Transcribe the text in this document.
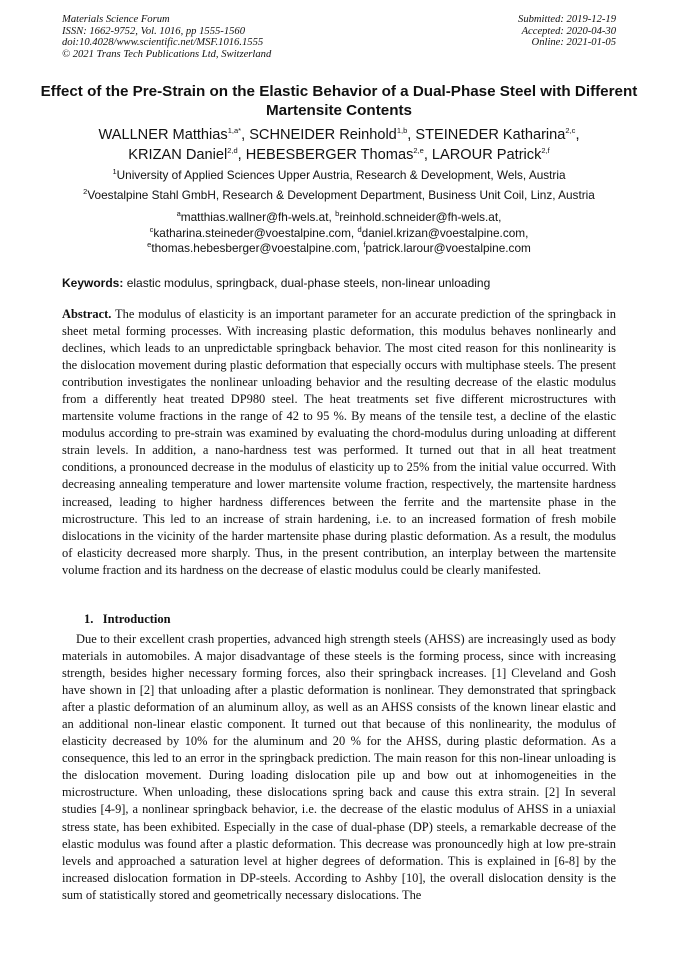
Materials Science Forum
ISSN: 1662-9752, Vol. 1016, pp 1555-1560
doi:10.4028/www.scientific.net/MSF.1016.1555
© 2021 Trans Tech Publications Ltd, Switzerland
Submitted: 2019-12-19
Accepted: 2020-04-30
Online: 2021-01-05
Effect of the Pre-Strain on the Elastic Behavior of a Dual-Phase Steel with Different Martensite Contents
WALLNER Matthias$^{1,a*}$, SCHNEIDER Reinhold$^{1,b}$, STEINEDER Katharina$^{2,c}$,
KRIZAN Daniel$^{2,d}$, HEBESBERGER Thomas$^{2,e}$, LAROUR Patrick$^{2,f}$
$^1$University of Applied Sciences Upper Austria, Research & Development, Wels, Austria
$^2$Voestalpine Stahl GmbH, Research & Development Department, Business Unit Coil, Linz, Austria
$^a$matthias.wallner@fh-wels.at, $^b$reinhold.schneider@fh-wels.at,
$^c$katharina.steineder@voestalpine.com, $^d$daniel.krizan@voestalpine.com,
$^e$thomas.hebesberger@voestalpine.com, $^f$patrick.larour@voestalpine.com
Keywords: elastic modulus, springback, dual-phase steels, non-linear unloading

Abstract. The modulus of elasticity is an important parameter for an accurate prediction of the springback in sheet metal forming processes. With increasing plastic deformation, this modulus behaves nonlinearly and declines, which leads to an unpredictable springback behavior. The most cited reason for this nonlinearity is the dislocation movement during plastic deformation that especially occurs with multiphase steels. The present contribution investigates the nonlinear unloading behavior and the resulting decrease of the elastic modulus from a differently heat treated DP980 steel. The heat treatments set five different microstructures with martensite volume fractions in the range of 42 to 95 %. By means of the tensile test, a decline of the elastic modulus according to pre-strain was examined by evaluating the chord-modulus during unloading at different strain levels. In addition, a nano-hardness test was performed. It turned out that in all heat treatment conditions, a pronounced decrease in the modulus of elasticity up to 25% from the initial value occurred. With decreasing annealing temperature and lower martensite volume fraction, respectively, the martensite hardness increased, leading to higher hardness differences between the ferrite and the martensite phase in the microstructure. This led to an increase of strain hardening, i.e. to an increased formation of fresh mobile dislocations in the vicinity of the harder martensite phase during plastic deformation. As a result, the modulus of elasticity decreased more sharply. Thus, in the present contribution, an interplay between the martensite volume fraction and its hardness on the decrease of elastic modulus could be clearly manifested.

1. Introduction

Due to their excellent crash properties, advanced high strength steels (AHSS) are increasingly used as body materials in automobiles. A major disadvantage of these steels is the forming process, since with increasing strength, besides higher necessary forming forces, also their springback increases. [1] Cleveland and Gosh have shown in [2] that unloading after a plastic deformation is nonlinear. They demonstrated that springback after a plastic deformation of an aluminum alloy, as well as an AHSS consists of the known linear elastic and an additional non-linear elastic component. It turned out that because of this nonlinearity, the modulus of elasticity decreased by 10% for the aluminum and 20 % for the AHSS, during plastic deformation. As a consequence, this led to an error in the springback prediction. The main reason for this non-linear unloading is the dislocation movement. During loading dislocation pile up and bow out at inhomogeneities in the microstructure. When unloading, these dislocations spring back and cause this extra strain. [2] In several studies [4-9], a nonlinear springback behavior, i.e. the decrease of the elastic modulus of AHSS in a uniaxial stress state, has been exhibited. Especially in the case of dual-phase (DP) steels, a remarkable decrease of the elastic modulus was found after a plastic deformation. This decrease was pronouncedly high at low pre-strain levels and approached a saturation level at higher degrees of deformation. This is explained in [6-8] by the increased dislocation formation in DP-steels. According to Ashby [10], the overall dislocation density is the sum of statistically stored and geometrically necessary dislocations. The
